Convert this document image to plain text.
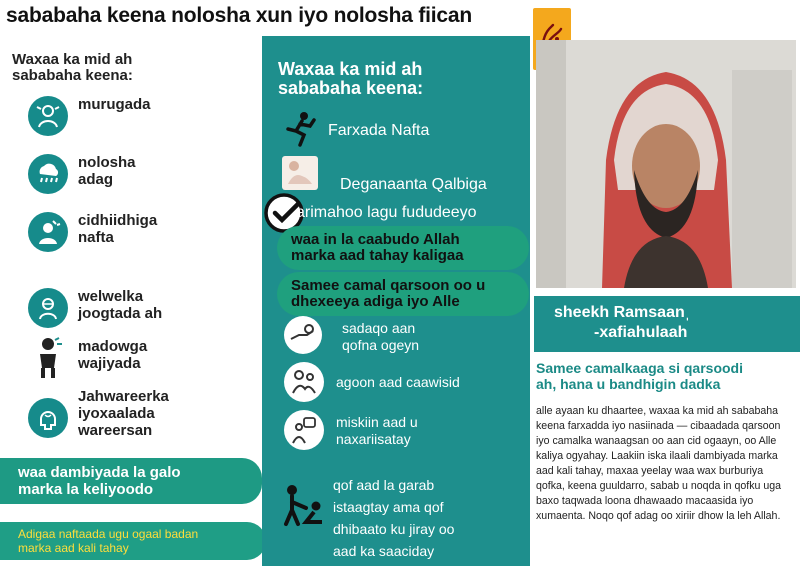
sababaha keena nolosha xun iyo nolosha fiican
Waxaa ka mid ah
sababaha keena:
murugada
nolosha
adag
cidhiidhiga
nafta
welwelka
joogtada ah
madowga
wajiyada
Jahwareerka
iyoxaalada
wareersan
waa dambiyada la galo
marka la keliyoodo
Adigaa naftaada ugu ogaal badan
marka aad kali tahay
Waxaa ka mid ah
sababaha keena:
Farxada Nafta
Deganaanta Qalbiga
arimahoo lagu fududeeyo
waa in la caabudo Allah
marka aad tahay kaligaa
Samee camal qarsoon oo u
dhexeeya adiga iyo Alle
sadaqo aan
qofna ogeyn
agoon aad caawisid
miskiin aad u
naxariisatay
qof aad la garab
istaagtay ama qof
dhibaato ku jiray oo
aad ka saaciday
sheekh Ramsaanˌ
-xafiahulaah
Samee camalkaaga si qarsoodi
ah, hana u bandhigin dadka
alle ayaan ku dhaartee, waxaa ka mid ah sababaha keena farxadda iyo nasiinada — cibaadada qarsoon iyo camalka wanaagsan oo aan cid ogaayn, oo Alle kaliya ogyahay. Laakiin iska ilaali dambiyada marka aad kali tahay, maxaa yeelay waa wax burburiya qofka, keena guuldarro, sabab u noqda in qofku uga baxo taqwada loona dhawaado macaasida iyo xumaenta. Noqo qof adag oo xiriir dhow la leh Allah.
